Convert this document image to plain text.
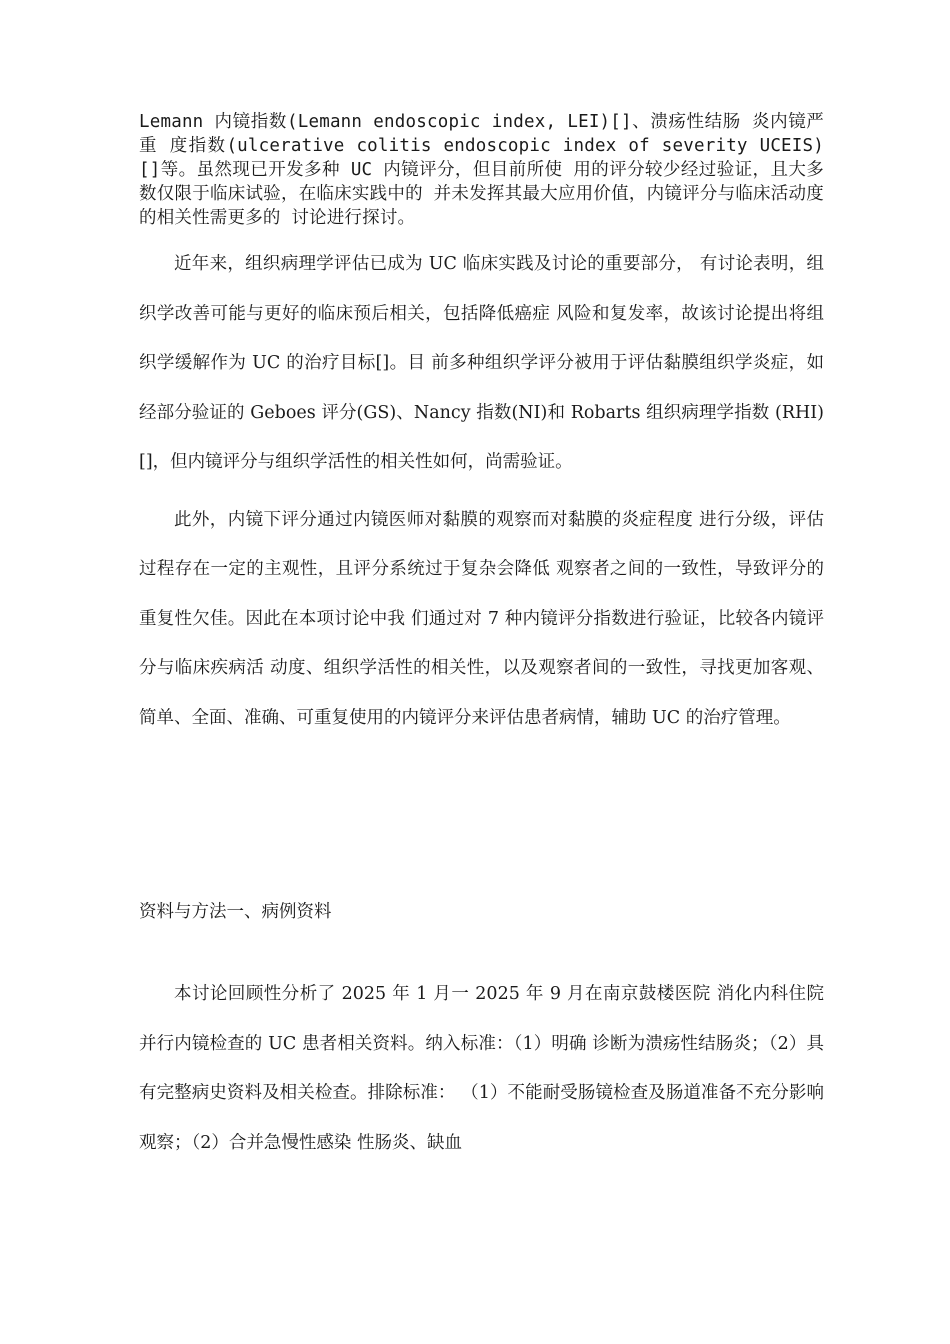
Lemann 内镜指数(Lemann endoscopic index, LEI)[]、溃疡性结肠 炎内镜严重 度指数(ulcerative colitis endoscopic index of severity UCEIS)[]等。虽然现已开发多种 UC 内镜评分，但目前所使 用的评分较少经过验证，且大多数仅限于临床试验，在临床实践中的 并未发挥其最大应用价值，内镜评分与临床活动度的相关性需更多的 讨论进行探讨。

近年来，组织病理学评估已成为 UC 临床实践及讨论的重要部分， 有讨论表明，组织学改善可能与更好的临床预后相关，包括降低癌症 风险和复发率，故该讨论提出将组织学缓解作为 UC 的治疗目标[]。目 前多种组织学评分被用于评估黏膜组织学炎症，如经部分验证的 Geboes 评分(GS)、Nancy 指数(NI)和 Robarts 组织病理学指数 (RHI)[]，但内镜评分与组织学活性的相关性如何，尚需验证。

此外，内镜下评分通过内镜医师对黏膜的观察而对黏膜的炎症程度 进行分级，评估过程存在一定的主观性，且评分系统过于复杂会降低 观察者之间的一致性，导致评分的重复性欠佳。因此在本项讨论中我 们通过对 7 种内镜评分指数进行验证，比较各内镜评分与临床疾病活 动度、组织学活性的相关性，以及观察者间的一致性，寻找更加客观、 简单、全面、准确、可重复使用的内镜评分来评估患者病情，辅助 UC 的治疗管理。

资料与方法一、病例资料

本讨论回顾性分析了 2025 年 1 月一 2025 年 9 月在南京鼓楼医院 消化内科住院并行内镜检查的 UC 患者相关资料。纳入标准：（1）明确 诊断为溃疡性结肠炎；（2）具有完整病史资料及相关检查。排除标准： （1）不能耐受肠镜检查及肠道准备不充分影响观察；（2）合并急慢性感染 性肠炎、缺血
